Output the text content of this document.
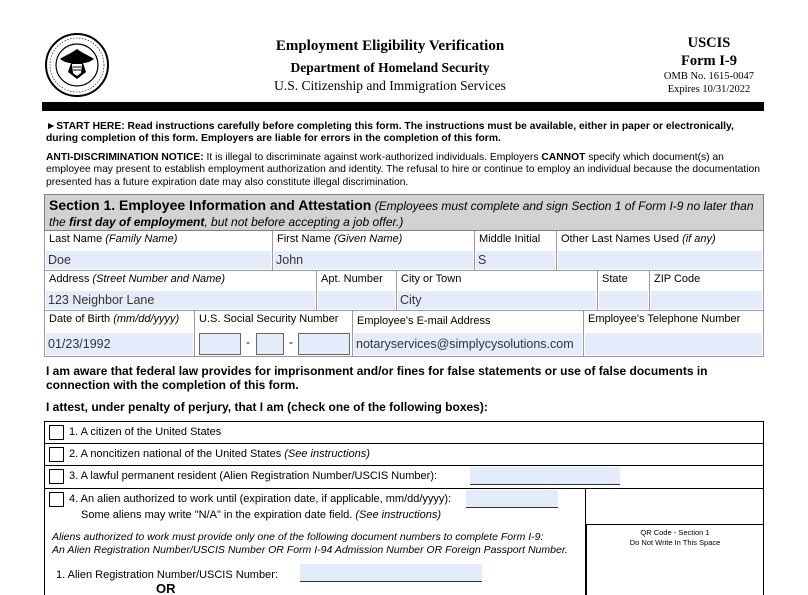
Employment Eligibility Verification
Department of Homeland Security
U.S. Citizenship and Immigration Services
USCIS
Form I-9
OMB No. 1615-0047
Expires 10/31/2022
►START HERE: Read instructions carefully before completing this form. The instructions must be available, either in paper or electronically, during completion of this form. Employers are liable for errors in the completion of this form.
ANTI-DISCRIMINATION NOTICE: It is illegal to discriminate against work-authorized individuals. Employers CANNOT specify which document(s) an employee may present to establish employment authorization and identity. The refusal to hire or continue to employ an individual because the documentation presented has a future expiration date may also constitute illegal discrimination.
Section 1. Employee Information and Attestation (Employees must complete and sign Section 1 of Form I-9 no later than the first day of employment, but not before accepting a job offer.)
Last Name (Family Name)
Doe
First Name (Given Name)
John
Middle Initial
S
Other Last Names Used (if any)
Address (Street Number and Name)
123 Neighbor Lane
Apt. Number City or Town
City
State ZIP Code
Date of Birth (mm/dd/yyyy)
01/23/1992
U.S. Social Security Number
-	-
Employee's E-mail Address
notaryservices@simplycysolutions.com
Employee's Telephone Number
I am aware that federal law provides for imprisonment and/or fines for false statements or use of false documents in connection with the completion of this form.
I attest, under penalty of perjury, that I am (check one of the following boxes):
1. A citizen of the United States
2. A noncitizen national of the United States (See instructions)
3. A lawful permanent resident (Alien Registration Number/USCIS Number):
4. An alien authorized to work until (expiration date, if applicable, mm/dd/yyyy):
Some aliens may write "N/A" in the expiration date field. (See instructions)
Aliens authorized to work must provide only one of the following document numbers to complete Form I-9:
An Alien Registration Number/USCIS Number OR Form I-94 Admission Number OR Foreign Passport Number.
1. Alien Registration Number/USCIS Number:
OR
QR Code - Section 1
Do Not Write In This Space
